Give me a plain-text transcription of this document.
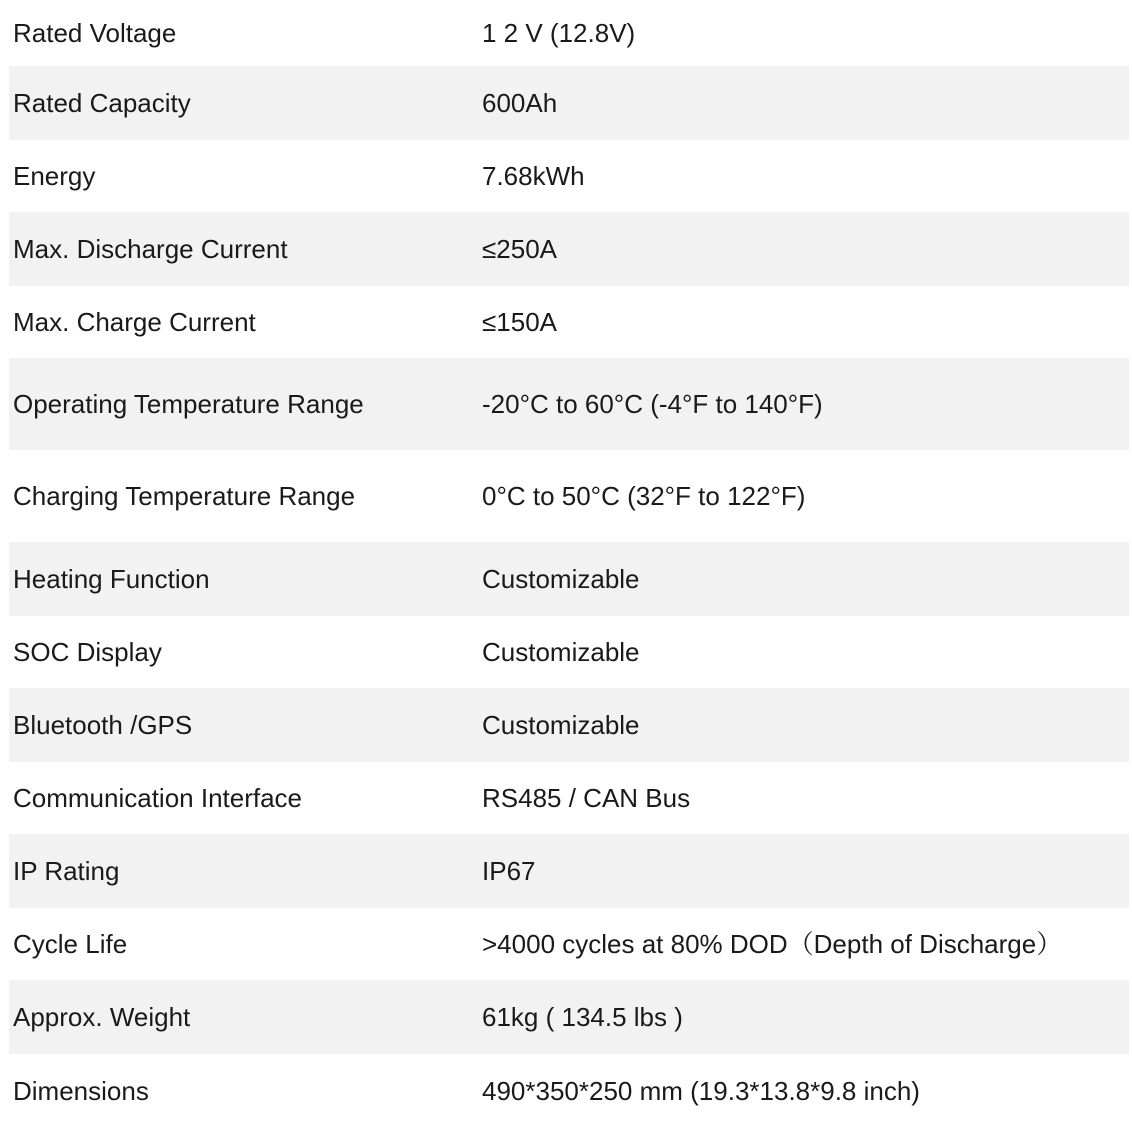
Rated Voltage	1 2 V (12.8V)
Rated Capacity	600Ah
Energy	7.68kWh
Max. Discharge Current	≤250A
Max. Charge Current	≤150A
Operating Temperature Range	-20°C to 60°C (-4°F to 140°F)
Charging Temperature Range	0°C to 50°C (32°F to 122°F)
Heating Function	Customizable
SOC Display	Customizable
Bluetooth /GPS	Customizable
Communication Interface	RS485 / CAN Bus
IP Rating	IP67
Cycle Life	>4000 cycles at 80% DOD（Depth of Discharge）
Approx. Weight	61kg ( 134.5 lbs )
Dimensions	490*350*250 mm (19.3*13.8*9.8 inch)
